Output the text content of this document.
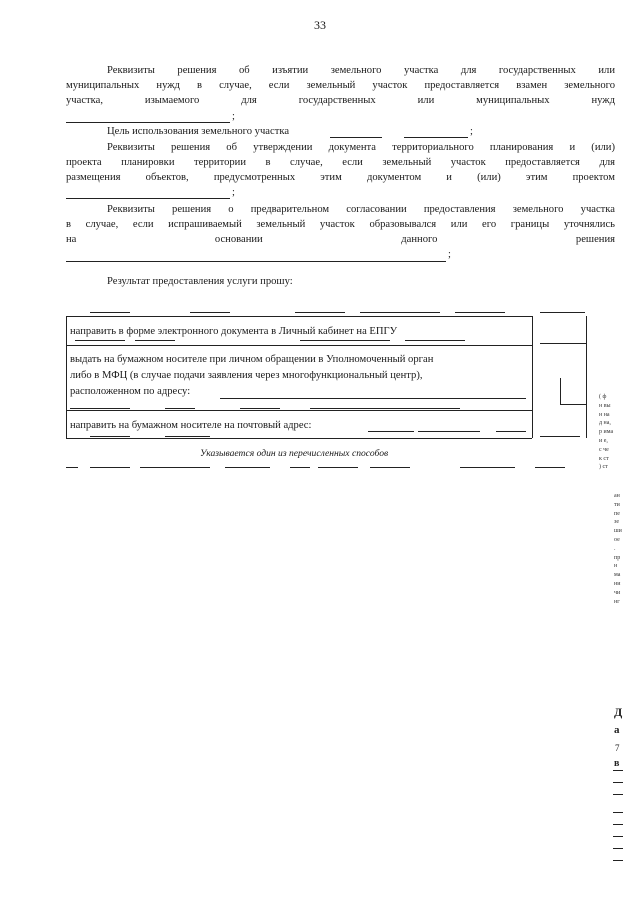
33
Реквизиты решения об изъятии земельного участка для государственных или
муниципальных нужд в случае, если земельный участок предоставляется взамен земельного
участка, изымаемого для государственных или муниципальных нужд
;
Цель использования земельного участка	;
Реквизиты решения об утверждении документа территориального планирования и (или)
проекта планировки территории в случае, если земельный участок предоставляется для
размещения объектов, предусмотренных этим документом и (или) этим проектом
;
Реквизиты решения о предварительном согласовании предоставления земельного участка
в случае, если испрашиваемый земельный участок образовывался или его границы уточнялись
на основании данного решения
;
Результат предоставления услуги прошу:
направить в форме электронного документа в Личный кабинет на ЕПГУ
выдать на бумажном носителе при личном обращении в Уполномоченный орган
либо в МФЦ (в случае подачи заявления через многофункциональный центр),
расположенном по адресу:
направить на бумажном носителе на почтовый адрес:
Указывается один из перечисленных способов
( ф
н вы
н на
д на,
р има
и е,
с че
к ст
) ст
ан
ти
пе
зе
ши
ое
.
пр
н
ма
ни
чи
нг
Д
а
7
в
